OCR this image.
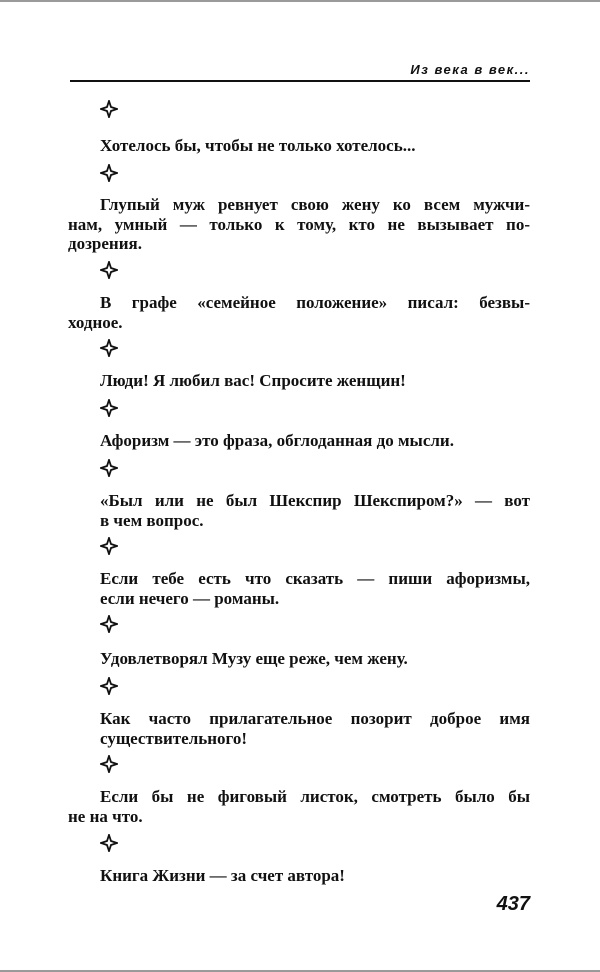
Из века в век...
Хотелось бы, чтобы не только хотелось...
Глупый муж ревнует свою жену ко всем мужчи-
нам, умный — только к тому, кто не вызывает по-
дозрения.
В графе «семейное положение» писал: безвы-
ходное.
Люди! Я любил вас! Спросите женщин!
Афоризм — это фраза, обглоданная до мысли.
«Был или не был Шекспир Шекспиром?» — вот
в чем вопрос.
Если тебе есть что сказать — пиши афоризмы,
если нечего — романы.
Удовлетворял Музу еще реже, чем жену.
Как часто прилагательное позорит доброе имя
существительного!
Если бы не фиговый листок, смотреть было бы
не на что.
Книга Жизни — за счет автора!
437
